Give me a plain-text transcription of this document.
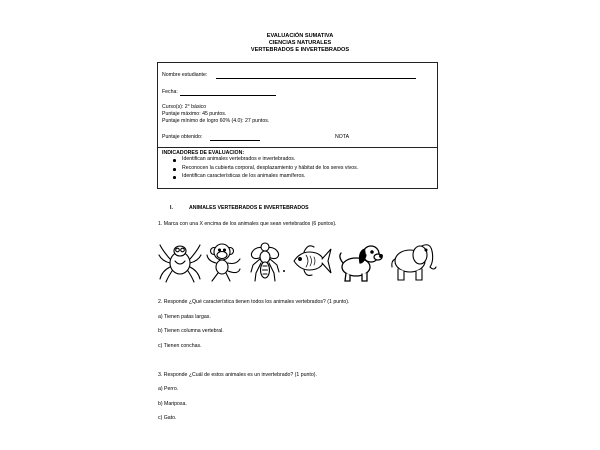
EVALUACIÓN SUMATIVA
CIENCIAS NATURALES
VERTEBRADOS E INVERTEBRADOS
Nombre estudiante:
Fecha:
Curso(s): 2° básico
Puntaje máximo: 45 puntos.
Puntaje mínimo de logro 60% (4.0): 27 puntos.
Puntaje obtenido:	NOTA
INDICADORES DE EVALUACION:
Identifican animales vertebrados e invertebrados.
Reconocen la cubierta corporal, desplazamiento y hábitat de los seres vivos.
Identifican características de los animales mamíferos.
I.	ANIMALES VERTEBRADOS E INVERTEBRADOS
1. Marca con una X encima de los animales que sean vertebrados (6 puntos).
2. Responde ¿Qué característica tienen todos los animales vertebrados? (1 punto).
a) Tienen patas largas.
b) Tienen columna vertebral.
c) Tienen conchas.
3. Responde ¿Cuál de estos animales es un invertebrado? (1 punto).
a) Perro.
b) Mariposa.
c) Gato.
